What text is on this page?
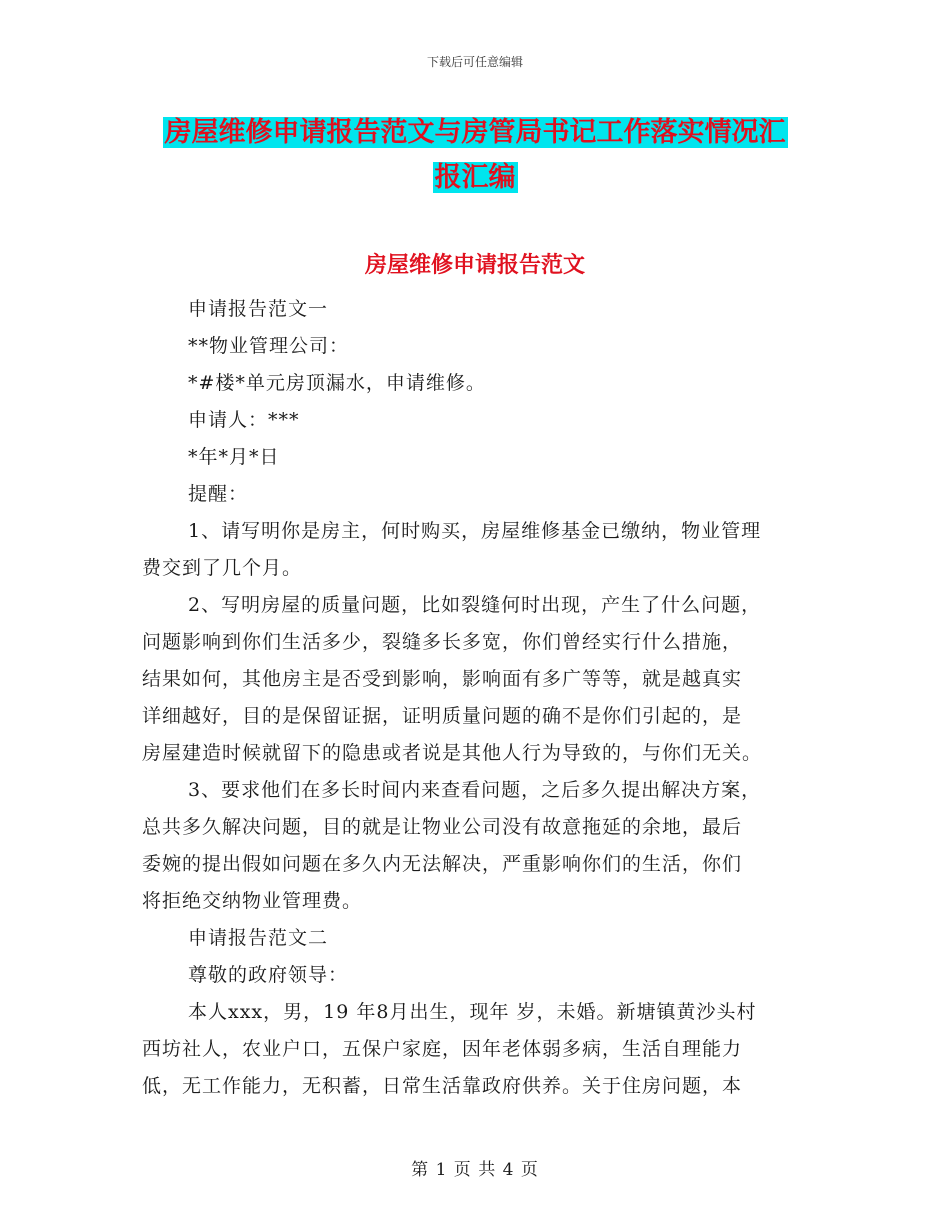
下载后可任意编辑
房屋维修申请报告范文与房管局书记工作落实情况汇
报汇编
房屋维修申请报告范文
申请报告范文一
**物业管理公司：
*#楼*单元房顶漏水，申请维修。
申请人：***
*年*月*日
提醒：
1、请写明你是房主，何时购买，房屋维修基金已缴纳，物业管理
费交到了几个月。
2、写明房屋的质量问题，比如裂缝何时出现，产生了什么问题，
问题影响到你们生活多少，裂缝多长多宽，你们曾经实行什么措施，
结果如何，其他房主是否受到影响，影响面有多广等等，就是越真实
详细越好，目的是保留证据，证明质量问题的确不是你们引起的，是
房屋建造时候就留下的隐患或者说是其他人行为导致的，与你们无关。
3、要求他们在多长时间内来查看问题，之后多久提出解决方案，
总共多久解决问题，目的就是让物业公司没有故意拖延的余地，最后
委婉的提出假如问题在多久内无法解决，严重影响你们的生活，你们
将拒绝交纳物业管理费。
申请报告范文二
尊敬的政府领导：
本人xxx，男，19 年8月出生，现年 岁，未婚。新塘镇黄沙头村
西坊社人，农业户口，五保户家庭，因年老体弱多病，生活自理能力
低，无工作能力，无积蓄，日常生活靠政府供养。关于住房问题，本
第 1 页 共 4 页
